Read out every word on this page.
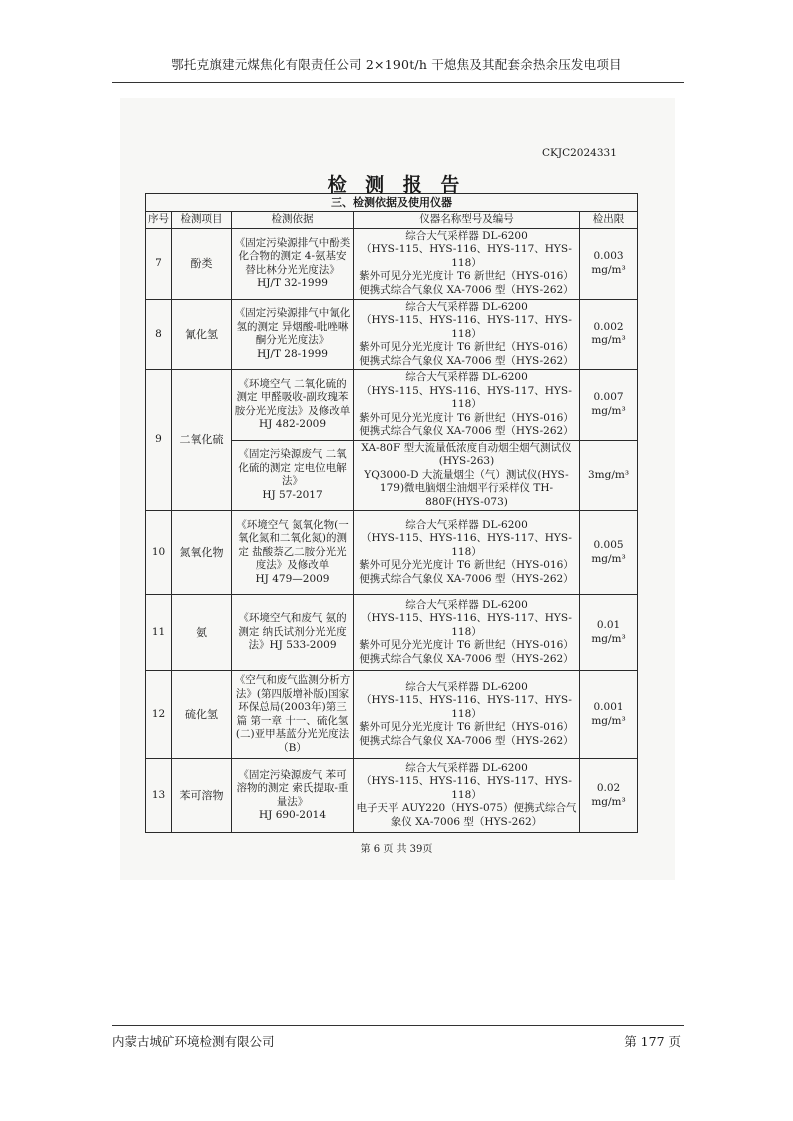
鄂托克旗建元煤焦化有限责任公司 2×190t/h 干熄焦及其配套余热余压发电项目
CKJC2024331
检 测 报 告
三、检测依据及使用仪器				
序号	检测项目	检测依据	仪器名称型号及编号	检出限
7	酚类	《固定污染源排气中酚类化合物的测定 4-氨基安替比林分光光度法》
HJ/T 32-1999	综合大气采样器 DL-6200
（HYS-115、HYS-116、HYS-117、HYS-118）
紫外可见分光光度计 T6 新世纪（HYS-016）
便携式综合气象仪 XA-7006 型（HYS-262）	0.003
mg/m³
8	氰化氢	《固定污染源排气中氰化氢的测定 异烟酸-吡唑啉酮分光光度法》
HJ/T 28-1999	综合大气采样器 DL-6200
（HYS-115、HYS-116、HYS-117、HYS-118）
紫外可见分光光度计 T6 新世纪（HYS-016）
便携式综合气象仪 XA-7006 型（HYS-262）	0.002
mg/m³
9	二氧化硫	《环境空气 二氧化硫的测定 甲醛吸收-副玫瑰苯胺分光光度法》及修改单 HJ 482-2009	综合大气采样器 DL-6200
（HYS-115、HYS-116、HYS-117、HYS-118）
紫外可见分光光度计 T6 新世纪（HYS-016）
便携式综合气象仪 XA-7006 型（HYS-262）	0.007
mg/m³
		《固定污染源废气 二氧化硫的测定 定电位电解法》
HJ 57-2017	XA-80F 型大流量低浓度自动烟尘烟气测试仪(HYS-263)
YQ3000-D 大流量烟尘（气）测试仪(HYS-179)微电脑烟尘油烟平行采样仪 TH-880F(HYS-073)	3mg/m³
10	氮氧化物	《环境空气 氮氧化物(一氧化氮和二氧化氮)的测定 盐酸萘乙二胺分光光度法》及修改单
HJ 479—2009	综合大气采样器 DL-6200
（HYS-115、HYS-116、HYS-117、HYS-118）
紫外可见分光光度计 T6 新世纪（HYS-016）
便携式综合气象仪 XA-7006 型（HYS-262）	0.005
mg/m³
11	氨	《环境空气和废气 氨的测定 纳氏试剂分光光度法》HJ 533-2009	综合大气采样器 DL-6200
（HYS-115、HYS-116、HYS-117、HYS-118）
紫外可见分光光度计 T6 新世纪（HYS-016）
便携式综合气象仪 XA-7006 型（HYS-262）	0.01
mg/m³
12	硫化氢	《空气和废气监测分析方法》(第四版增补版)国家环保总局(2003年)第三篇 第一章 十一、硫化氢 (二)亚甲基蓝分光光度法（B）	综合大气采样器 DL-6200
（HYS-115、HYS-116、HYS-117、HYS-118）
紫外可见分光光度计 T6 新世纪（HYS-016）
便携式综合气象仪 XA-7006 型（HYS-262）	0.001
mg/m³
13	苯可溶物	《固定污染源废气 苯可溶物的测定 索氏提取-重量法》
HJ 690-2014	综合大气采样器 DL-6200
（HYS-115、HYS-116、HYS-117、HYS-118）
电子天平 AUY220（HYS-075）便携式综合气象仪 XA-7006 型（HYS-262）	0.02
mg/m³
第 6 页 共 39页
内蒙古城矿环境检测有限公司	第 177 页
